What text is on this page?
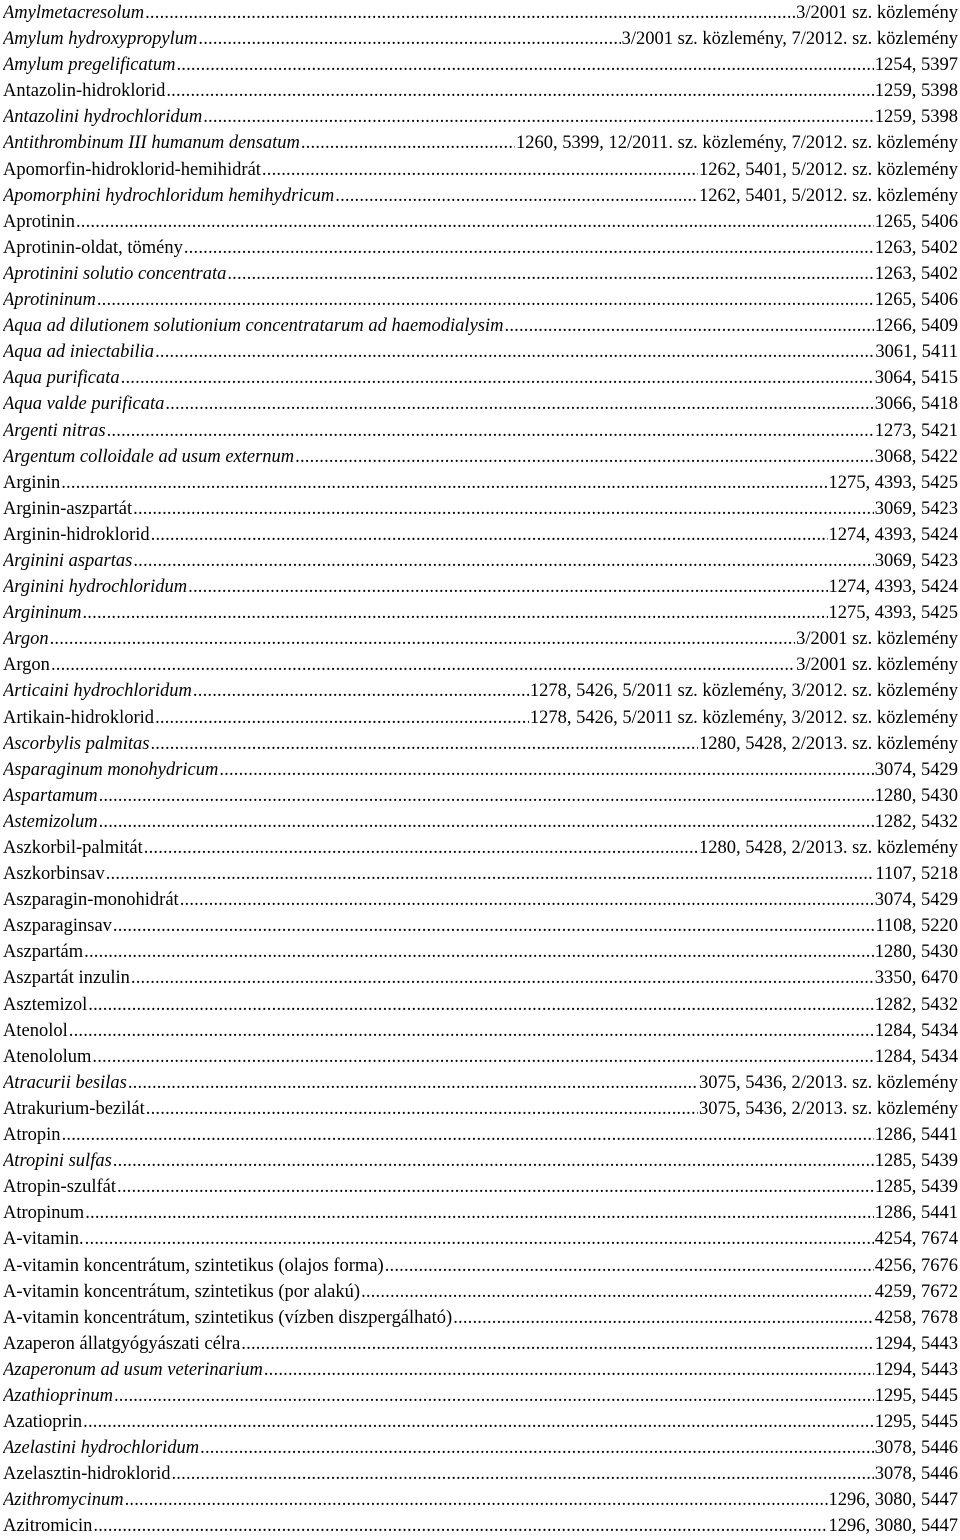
Amylmetacresolum .....	3/2001 sz. közlemény
Amylum hydroxypropylum .....	3/2001 sz. közlemény, 7/2012. sz. közlemény
Amylum pregelificatum .....	1254, 5397
Antazolin-hidroklorid .....	1259, 5398
Antazolini hydrochloridum .....	1259, 5398
Antithrombinum III humanum densatum .....	1260, 5399, 12/2011. sz. közlemény, 7/2012. sz. közlemény
Apomorfin-hidroklorid-hemihidrát .....	1262, 5401, 5/2012. sz. közlemény
Apomorphini hydrochloridum hemihydricum .....	1262, 5401, 5/2012. sz. közlemény
Aprotinin .....	1265, 5406
Aprotinin-oldat, tömény .....	1263, 5402
Aprotinini solutio concentrata .....	1263, 5402
Aprotininum .....	1265, 5406
Aqua ad dilutionem solutionium concentratarum ad haemodialysim .....	1266, 5409
Aqua ad iniectabilia .....	3061, 5411
Aqua purificata .....	3064, 5415
Aqua valde purificata .....	3066, 5418
Argenti nitras .....	1273, 5421
Argentum colloidale ad usum externum .....	3068, 5422
Arginin .....	1275, 4393, 5425
Arginin-aszpartát .....	3069, 5423
Arginin-hidroklorid .....	1274, 4393, 5424
Arginini aspartas .....	3069, 5423
Arginini hydrochloridum .....	1274, 4393, 5424
Argininum .....	1275, 4393, 5425
Argon .....	3/2001 sz. közlemény
Argon .....	3/2001 sz. közlemény
Articaini hydrochloridum .....	1278, 5426, 5/2011 sz. közlemény, 3/2012. sz. közlemény
Artikain-hidroklorid .....	1278, 5426, 5/2011 sz. közlemény, 3/2012. sz. közlemény
Ascorbylis palmitas .....	1280, 5428, 2/2013. sz. közlemény
Asparaginum monohydricum .....	3074, 5429
Aspartamum .....	1280, 5430
Astemizolum .....	1282, 5432
Aszkorbil-palmitát .....	1280, 5428, 2/2013. sz. közlemény
Aszkorbinsav .....	1107, 5218
Aszparagin-monohidrát .....	3074, 5429
Aszparaginsav .....	1108, 5220
Aszpartám .....	1280, 5430
Aszpartát inzulin .....	3350, 6470
Asztemizol .....	1282, 5432
Atenolol .....	1284, 5434
Atenololum .....	1284, 5434
Atracurii besilas .....	3075, 5436, 2/2013. sz. közlemény
Atrakurium-bezilát .....	3075, 5436, 2/2013. sz. közlemény
Atropin .....	1286, 5441
Atropini sulfas .....	1285, 5439
Atropin-szulfát .....	1285, 5439
Atropinum .....	1286, 5441
A-vitamin. .....	4254, 7674
A-vitamin koncentrátum, szintetikus (olajos forma) .....	4256, 7676
A-vitamin koncentrátum, szintetikus (por alakú) .....	4259, 7672
A-vitamin koncentrátum, szintetikus (vízben diszpergálható) .....	4258, 7678
Azaperon állatgyógyászati célra .....	1294, 5443
Azaperonum ad usum veterinarium .....	1294, 5443
Azathioprinum .....	1295, 5445
Azatioprin .....	1295, 5445
Azelastini hydrochloridum .....	3078, 5446
Azelasztin-hidroklorid .....	3078, 5446
Azithromycinum .....	1296, 3080, 5447
Azitromicin .....	1296, 3080, 5447
